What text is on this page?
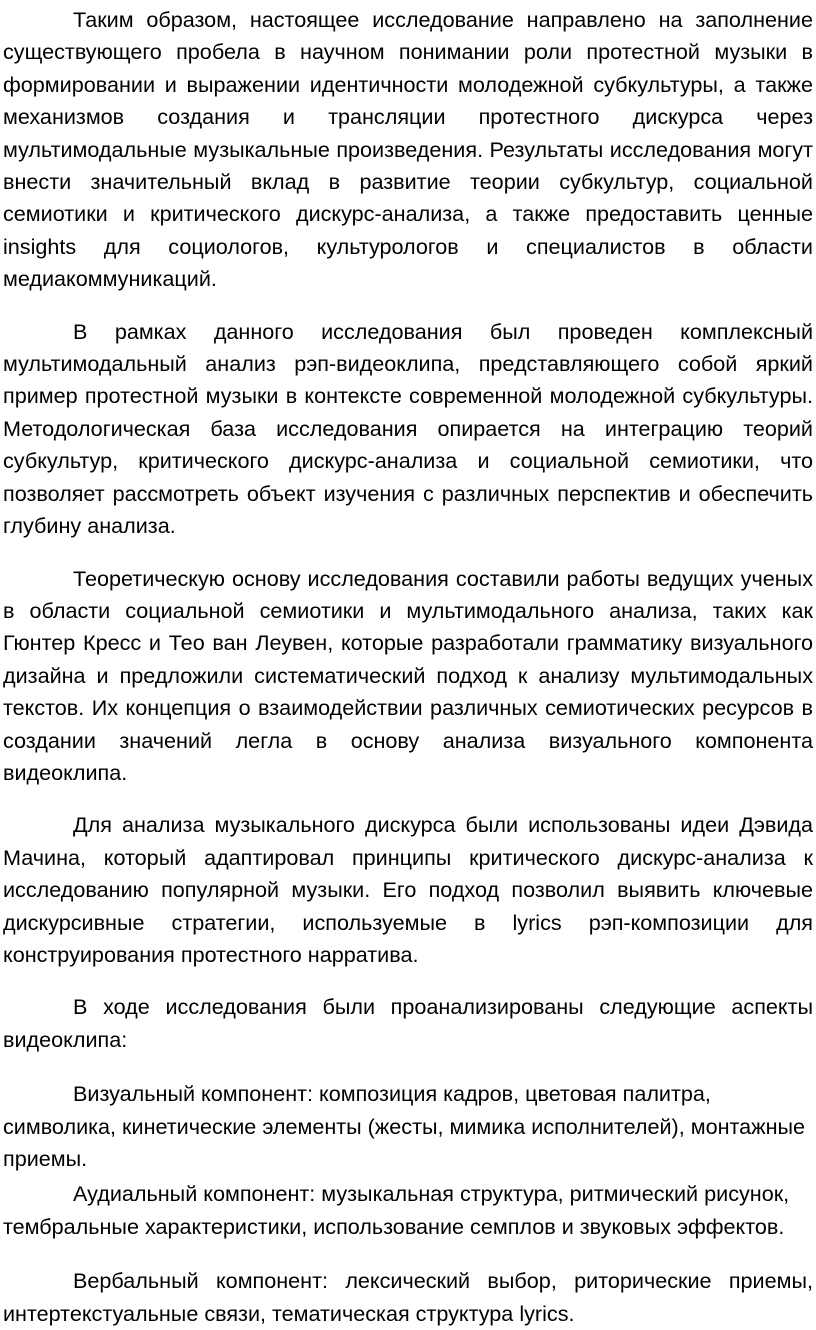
Таким образом, настоящее исследование направлено на заполнение существующего пробела в научном понимании роли протестной музыки в формировании и выражении идентичности молодежной субкультуры, а также механизмов создания и трансляции протестного дискурса через мультимодальные музыкальные произведения. Результаты исследования могут внести значительный вклад в развитие теории субкультур, социальной семиотики и критического дискурс-анализа, а также предоставить ценные insights для социологов, культурологов и специалистов в области медиакоммуникаций.

В рамках данного исследования был проведен комплексный мультимодальный анализ рэп-видеоклипа, представляющего собой яркий пример протестной музыки в контексте современной молодежной субкультуры. Методологическая база исследования опирается на интеграцию теорий субкультур, критического дискурс-анализа и социальной семиотики, что позволяет рассмотреть объект изучения с различных перспектив и обеспечить глубину анализа.

Теоретическую основу исследования составили работы ведущих ученых в области социальной семиотики и мультимодального анализа, таких как Гюнтер Кресс и Тео ван Леувен, которые разработали грамматику визуального дизайна и предложили систематический подход к анализу мультимодальных текстов. Их концепция о взаимодействии различных семиотических ресурсов в создании значений легла в основу анализа визуального компонента видеоклипа.

Для анализа музыкального дискурса были использованы идеи Дэвида Мачина, который адаптировал принципы критического дискурс-анализа к исследованию популярной музыки. Его подход позволил выявить ключевые дискурсивные стратегии, используемые в lyrics рэп-композиции для конструирования протестного нарратива.

В ходе исследования были проанализированы следующие аспекты видеоклипа:

Визуальный компонент: композиция кадров, цветовая палитра, символика, кинетические элементы (жесты, мимика исполнителей), монтажные приемы.

Аудиальный компонент: музыкальная структура, ритмический рисунок, тембральные характеристики, использование семплов и звуковых эффектов.

Вербальный компонент: лексический выбор, риторические приемы, интертекстуальные связи, тематическая структура lyrics.
